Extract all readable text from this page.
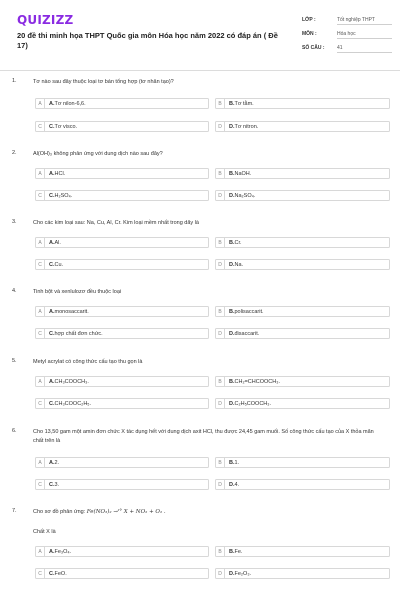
QUIZIZZ
20 đề thi minh họa THPT Quốc gia môn Hóa học năm 2022 có đáp án ( Đề 17)
LỚP :	Tốt nghiệp THPT
MÔN :	Hóa học
SỐ CÂU :	41
1.	Tơ nào sau đây thuộc loại tơ bán tổng hợp (tơ nhân tạo)?
A	A.Tơ nilon-6,6.	B	B.Tơ tằm.
C	C.Tơ visco.	D	D.Tơ nitron.
2.	Al(OH)₃ không phản ứng với dung dịch nào sau đây?
A	A.HCl.	B	B.NaOH.
C	C.H₂SO₄.	D	D.Na₂SO₄.
3.	Cho các kim loại sau: Na, Cu, Al, Cr. Kim loại mềm nhất trong dãy là
A	A.Al.	B	B.Cr.
C	C.Cu.	D	D.Na.
4.	Tinh bột và xenlulozơ đều thuộc loại
A	A.monosaccarit.	B	B.polisaccarit.
C	C.hợp chất đơn chức.	D	D.đisaccarit.
5.	Metyl acrylat có công thức cấu tạo thu gọn là
A	A.CH₃COOCH₃.	B	B.CH₂=CHCOOCH₃.
C	C.CH₃COOC₂H₅.	D	D.C₂H₅COOCH₃.
6.	Cho 13,50 gam một amin đơn chức X tác dụng hết với dung dịch axit HCl, thu được 24,45 gam muối. Số công thức cấu tạo của X thỏa mãn chất trên là
A	A.2.	B	B.1.
C	C.3.	D	D.4.
7.	Cho sơ đồ phản ứng: Fe(NO₃)₂ →ᵗ° X + NO₂ + O₂ .
Chất X là
A	A.Fe₃O₄.	B	B.Fe.
C	C.FeO.	D	D.Fe₂O₃.
